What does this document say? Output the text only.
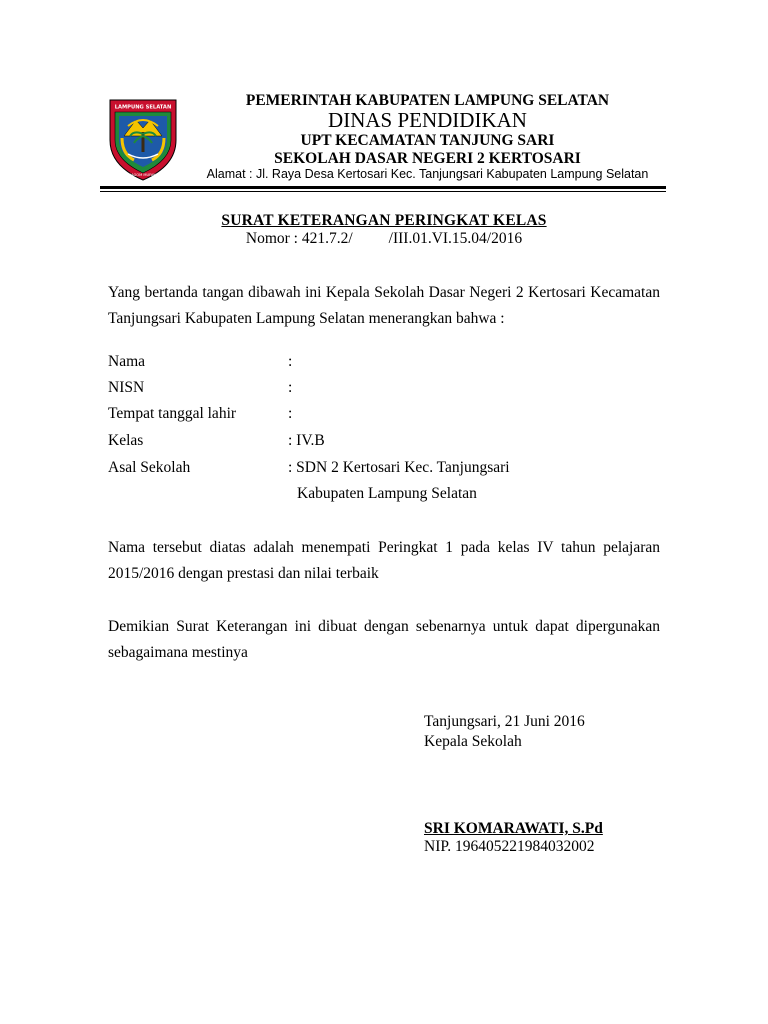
LAMPUNG SELATAN
KHAGOM MUFAKAT
PEMERINTAH KABUPATEN LAMPUNG SELATAN
DINAS PENDIDIKAN
UPT KECAMATAN TANJUNG SARI
SEKOLAH DASAR NEGERI 2 KERTOSARI
Alamat : Jl. Raya Desa Kertosari Kec. Tanjungsari Kabupaten Lampung Selatan
SURAT KETERANGAN PERINGKAT KELAS
Nomor : 421.7.2/ /III.01.VI.15.04/2016
Yang bertanda tangan dibawah ini Kepala Sekolah Dasar Negeri 2 Kertosari Kecamatan Tanjungsari Kabupaten Lampung Selatan menerangkan bahwa :
Nama	:
NISN	:
Tempat tanggal lahir	:
Kelas	: IV.B
Asal Sekolah	: SDN 2 Kertosari Kec. Tanjungsari
Kabupaten Lampung Selatan
Nama tersebut diatas adalah menempati Peringkat 1 pada kelas IV tahun pelajaran 2015/2016 dengan prestasi dan nilai terbaik
Demikian Surat Keterangan ini dibuat dengan sebenarnya untuk dapat dipergunakan sebagaimana mestinya
Tanjungsari, 21 Juni 2016
Kepala Sekolah
SRI KOMARAWATI, S.Pd
NIP. 196405221984032002
